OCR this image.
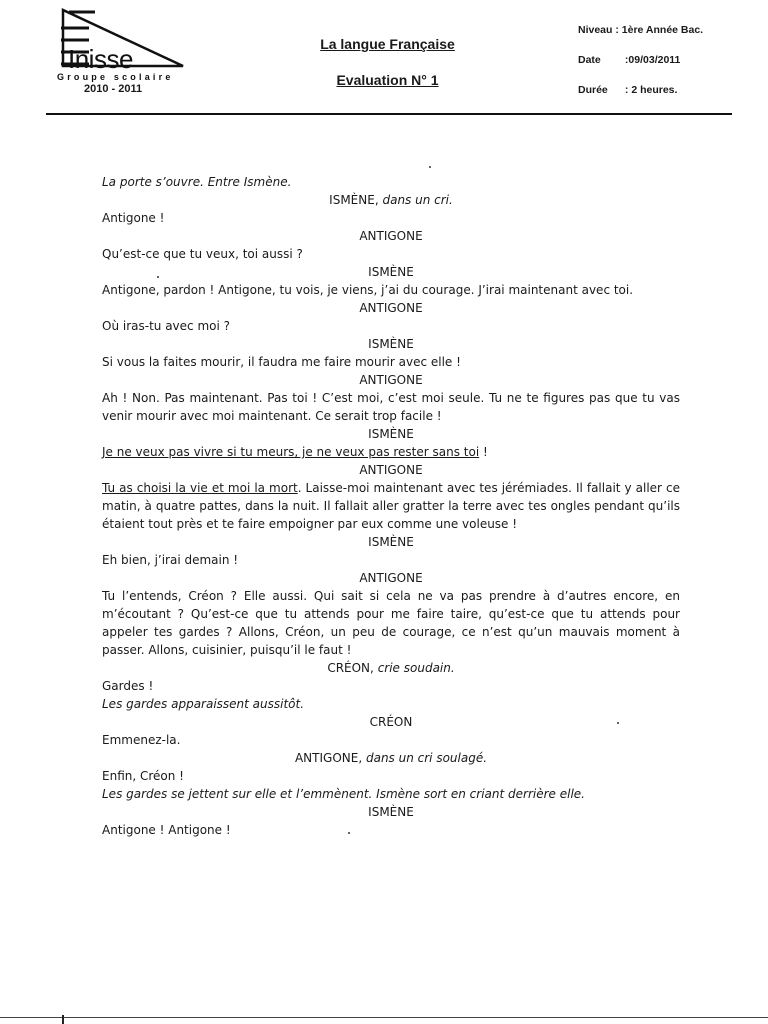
Inisse
Groupe scolaire
2010 - 2011
La langue Française
Evaluation N° 1
Niveau : 1ère Année Bac.
Date :09/03/2011
Durée : 2 heures.
La porte s’ouvre. Entre Ismène.
ISMÈNE, dans un cri.
Antigone !
ANTIGONE
Qu’est-ce que tu veux, toi aussi ?
ISMÈNE
Antigone, pardon ! Antigone, tu vois, je viens, j’ai du courage. J’irai maintenant avec toi.
ANTIGONE
Où iras-tu avec moi ?
ISMÈNE
Si vous la faites mourir, il faudra me faire mourir avec elle !
ANTIGONE
Ah ! Non. Pas maintenant. Pas toi ! C’est moi, c’est moi seule. Tu ne te figures pas que tu vas venir mourir avec moi maintenant. Ce serait trop facile !
ISMÈNE
Je ne veux pas vivre si tu meurs, je ne veux pas rester sans toi !
ANTIGONE
Tu as choisi la vie et moi la mort. Laisse-moi maintenant avec tes jérémiades. Il fallait y aller ce matin, à quatre pattes, dans la nuit. Il fallait aller gratter la terre avec tes ongles pendant qu’ils étaient tout près et te faire empoigner par eux comme une voleuse !
ISMÈNE
Eh bien, j’irai demain !
ANTIGONE
Tu l’entends, Créon ? Elle aussi. Qui sait si cela ne va pas prendre à d’autres encore, en m’écoutant ? Qu’est-ce que tu attends pour me faire taire, qu’est-ce que tu attends pour appeler tes gardes ? Allons, Créon, un peu de courage, ce n’est qu’un mauvais moment à passer. Allons, cuisinier, puisqu’il le faut !
CRÉON, crie soudain.
Gardes !
Les gardes apparaissent aussitôt.
CRÉON
Emmenez-la.
ANTIGONE, dans un cri soulagé.
Enfin, Créon !
Les gardes se jettent sur elle et l’emmènent. Ismène sort en criant derrière elle.
ISMÈNE
Antigone ! Antigone !
